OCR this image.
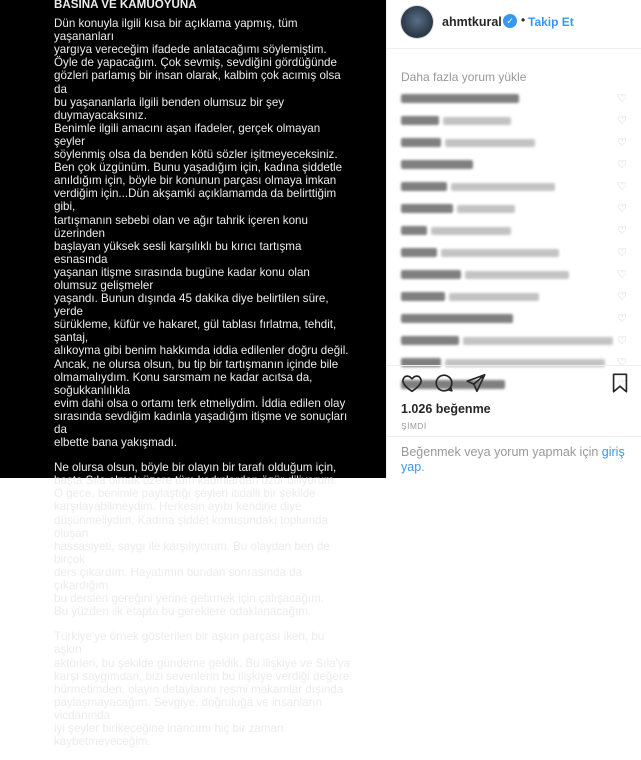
BASINA VE KAMUOYUNA

Dün konuyla ilgili kısa bir açıklama yapmış, tüm yaşananları
yargıya vereceğim ifadede anlatacağımı söylemiştim.
Öyle de yapacağım. Çok sevmiş, sevdiğini gördüğünde
gözleri parlamış bir insan olarak, kalbim çok acımış olsa da
bu yaşananlarla ilgili benden olumsuz bir şey duymayacaksınız.
Benimle ilgili amacını aşan ifadeler, gerçek olmayan şeyler
söylenmiş olsa da benden kötü sözler işitmeyeceksiniz.
Ben çok üzgünüm. Bunu yaşadığım için, kadına şiddetle
anıldığım için, böyle bir konunun parçası olmaya imkan
verdiğim için...Dün akşamki açıklamamda da belirttiğim gibi,
tartışmanın sebebi olan ve ağır tahrik içeren konu üzerinden
başlayan yüksek sesli karşılıklı bu kırıcı tartışma esnasında
yaşanan itişme sırasında bugüne kadar konu olan olumsuz gelişmeler
yaşandı. Bunun dışında 45 dakika diye belirtilen süre, yerde
sürükleme, küfür ve hakaret, gül tablası fırlatma, tehdit, şantaj,
alıkoyma gibi benim hakkımda iddia edilenler doğru değil.
Ancak, ne olursa olsun, bu tip bir tartışmanın içinde bile
olmamalıydım. Konu sarsmam ne kadar acıtsa da, soğukkanlılıkla
evim dahi olsa o ortamı terk etmeliydim. İddia edilen olay
sırasında sevdiğim kadınla yaşadığım itişme ve sonuçları da
elbette bana yakışmadı.

Ne olursa olsun, böyle bir olayın bir tarafı olduğum için,
başta Sıla olmak üzere tüm kadınlardan özür diliyorum.
O gece, benimle paylaştığı şeyleri itidalli bir şekilde
karşılayabilmeydim. Herkesin ayıbı kendine diye
düşünmeliydim. Kadına şiddet konusundaki toplumda oluşan
hassasiyeti, saygı ile karşılıyorum. Bu olaydan ben de birçok
ders çıkardım. Hayatımın bundan sonrasında da çıkardığım
bu dersleri gereğini yerine getirmek için çalışacağım.
Bu yüzden ilk etapta bu gereklere odaklanacağım.

Türkiye'ye örnek gösterilen bir aşkın parçası iken, bu aşkın
aktörleri, bu şekilde gündeme geldik. Bu ilişkiye ve Sıla'ya
karşı saygımdan, bizi sevenlerin bu ilişkiye verdiği değere
hürmetimden, olayın detaylarını resmi makamlar dışında
paylaşmayacağım. Sevgiye, doğruluğa ve insanların vicdanında
iyi şeyler birikeceğine inancımı hiç bir zaman kaybetmeyeceğim.

ahmtkural ✓ • Takip Et
Daha fazla yorum yükle
♡
♡
♡
♡
♡
♡
♡
♡
♡
♡
♡
♡
♡
♡
1.026 beğenme
ŞİMDİ
Beğenmek veya yorum yapmak için giriş yap.
